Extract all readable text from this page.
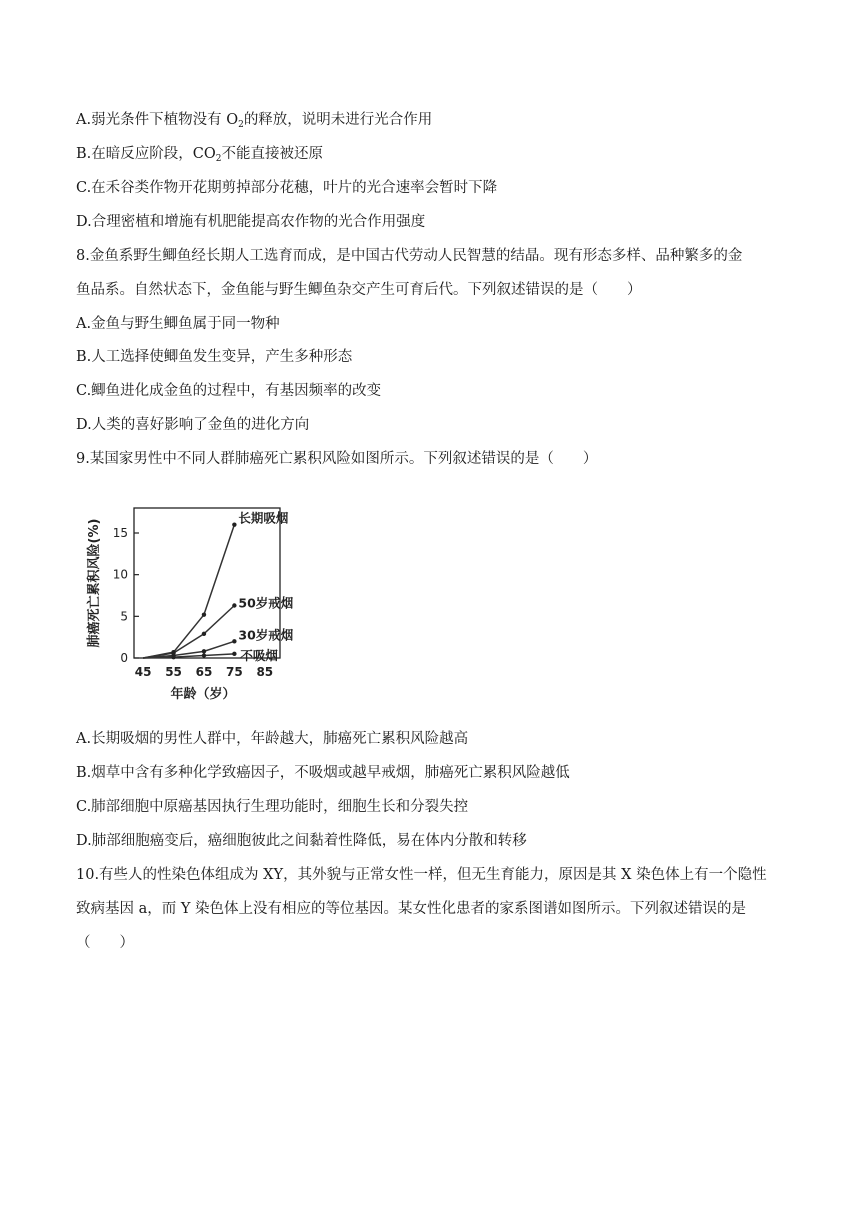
A.弱光条件下植物没有 $O_2$的释放，说明未进行光合作用
B.在暗反应阶段，$CO_2$不能直接被还原
C.在禾谷类作物开花期剪掉部分花穗，叶片的光合速率会暂时下降
D.合理密植和增施有机肥能提高农作物的光合作用强度
8.金鱼系野生鲫鱼经长期人工选育而成，是中国古代劳动人民智慧的结晶。现有形态多样、品种繁多的金
鱼品系。自然状态下，金鱼能与野生鲫鱼杂交产生可育后代。下列叙述错误的是（　　）
A.金鱼与野生鲫鱼属于同一物种
B.人工选择使鲫鱼发生变异，产生多种形态
C.鲫鱼进化成金鱼的过程中，有基因频率的改变
D.人类的喜好影响了金鱼的进化方向
9.某国家男性中不同人群肺癌死亡累积风险如图所示。下列叙述错误的是（　　）
0
5
10
15
45 55 65 75 85
年龄（岁）
肺癌死亡累积风险(%)
长期吸烟
50岁戒烟
30岁戒烟
不吸烟
A.长期吸烟的男性人群中，年龄越大，肺癌死亡累积风险越高
B.烟草中含有多种化学致癌因子，不吸烟或越早戒烟，肺癌死亡累积风险越低
C.肺部细胞中原癌基因执行生理功能时，细胞生长和分裂失控
D.肺部细胞癌变后，癌细胞彼此之间黏着性降低，易在体内分散和转移
10.有些人的性染色体组成为 XY，其外貌与正常女性一样，但无生育能力，原因是其 X 染色体上有一个隐性
致病基因 a，而 Y 染色体上没有相应的等位基因。某女性化患者的家系图谱如图所示。下列叙述错误的是
（　　）
